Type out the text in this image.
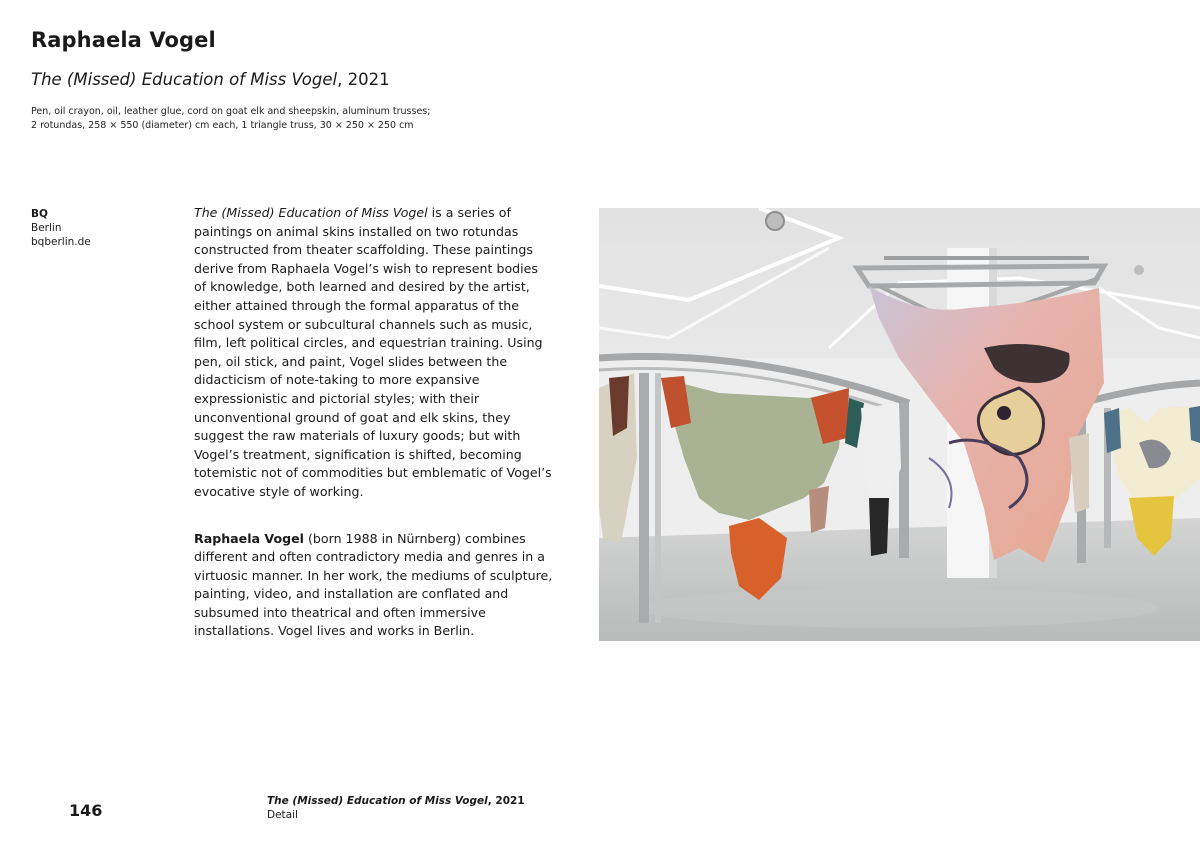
Raphaela Vogel
The (Missed) Education of Miss Vogel, 2021
Pen, oil crayon, oil, leather glue, cord on goat elk and sheepskin, aluminum trusses;
2 rotundas, 258 × 550 (diameter) cm each, 1 triangle truss, 30 × 250 × 250 cm
BQ
Berlin
bqberlin.de

The (Missed) Education of Miss Vogel is a series of paintings on animal skins installed on two rotundas constructed from theater scaffolding. These paintings derive from Raphaela Vogel’s wish to represent bodies of knowledge, both learned and desired by the artist, either attained through the formal apparatus of the school system or subcultural channels such as music, film, left political circles, and equestrian training. Using pen, oil stick, and paint, Vogel slides between the didacticism of note-taking to more expansive expressionistic and pictorial styles; with their unconventional ground of goat and elk skins, they suggest the raw materials of luxury goods; but with Vogel’s treatment, signification is shifted, becoming totemistic not of commodities but emblematic of Vogel’s evocative style of working.

Raphaela Vogel (born 1988 in Nürnberg) combines different and often contradictory media and genres in a virtuosic manner. In her work, the mediums of sculpture, painting, video, and installation are conflated and subsumed into theatrical and often immersive installations. Vogel lives and works in Berlin.

146	The (Missed) Education of Miss Vogel, 2021
Detail
